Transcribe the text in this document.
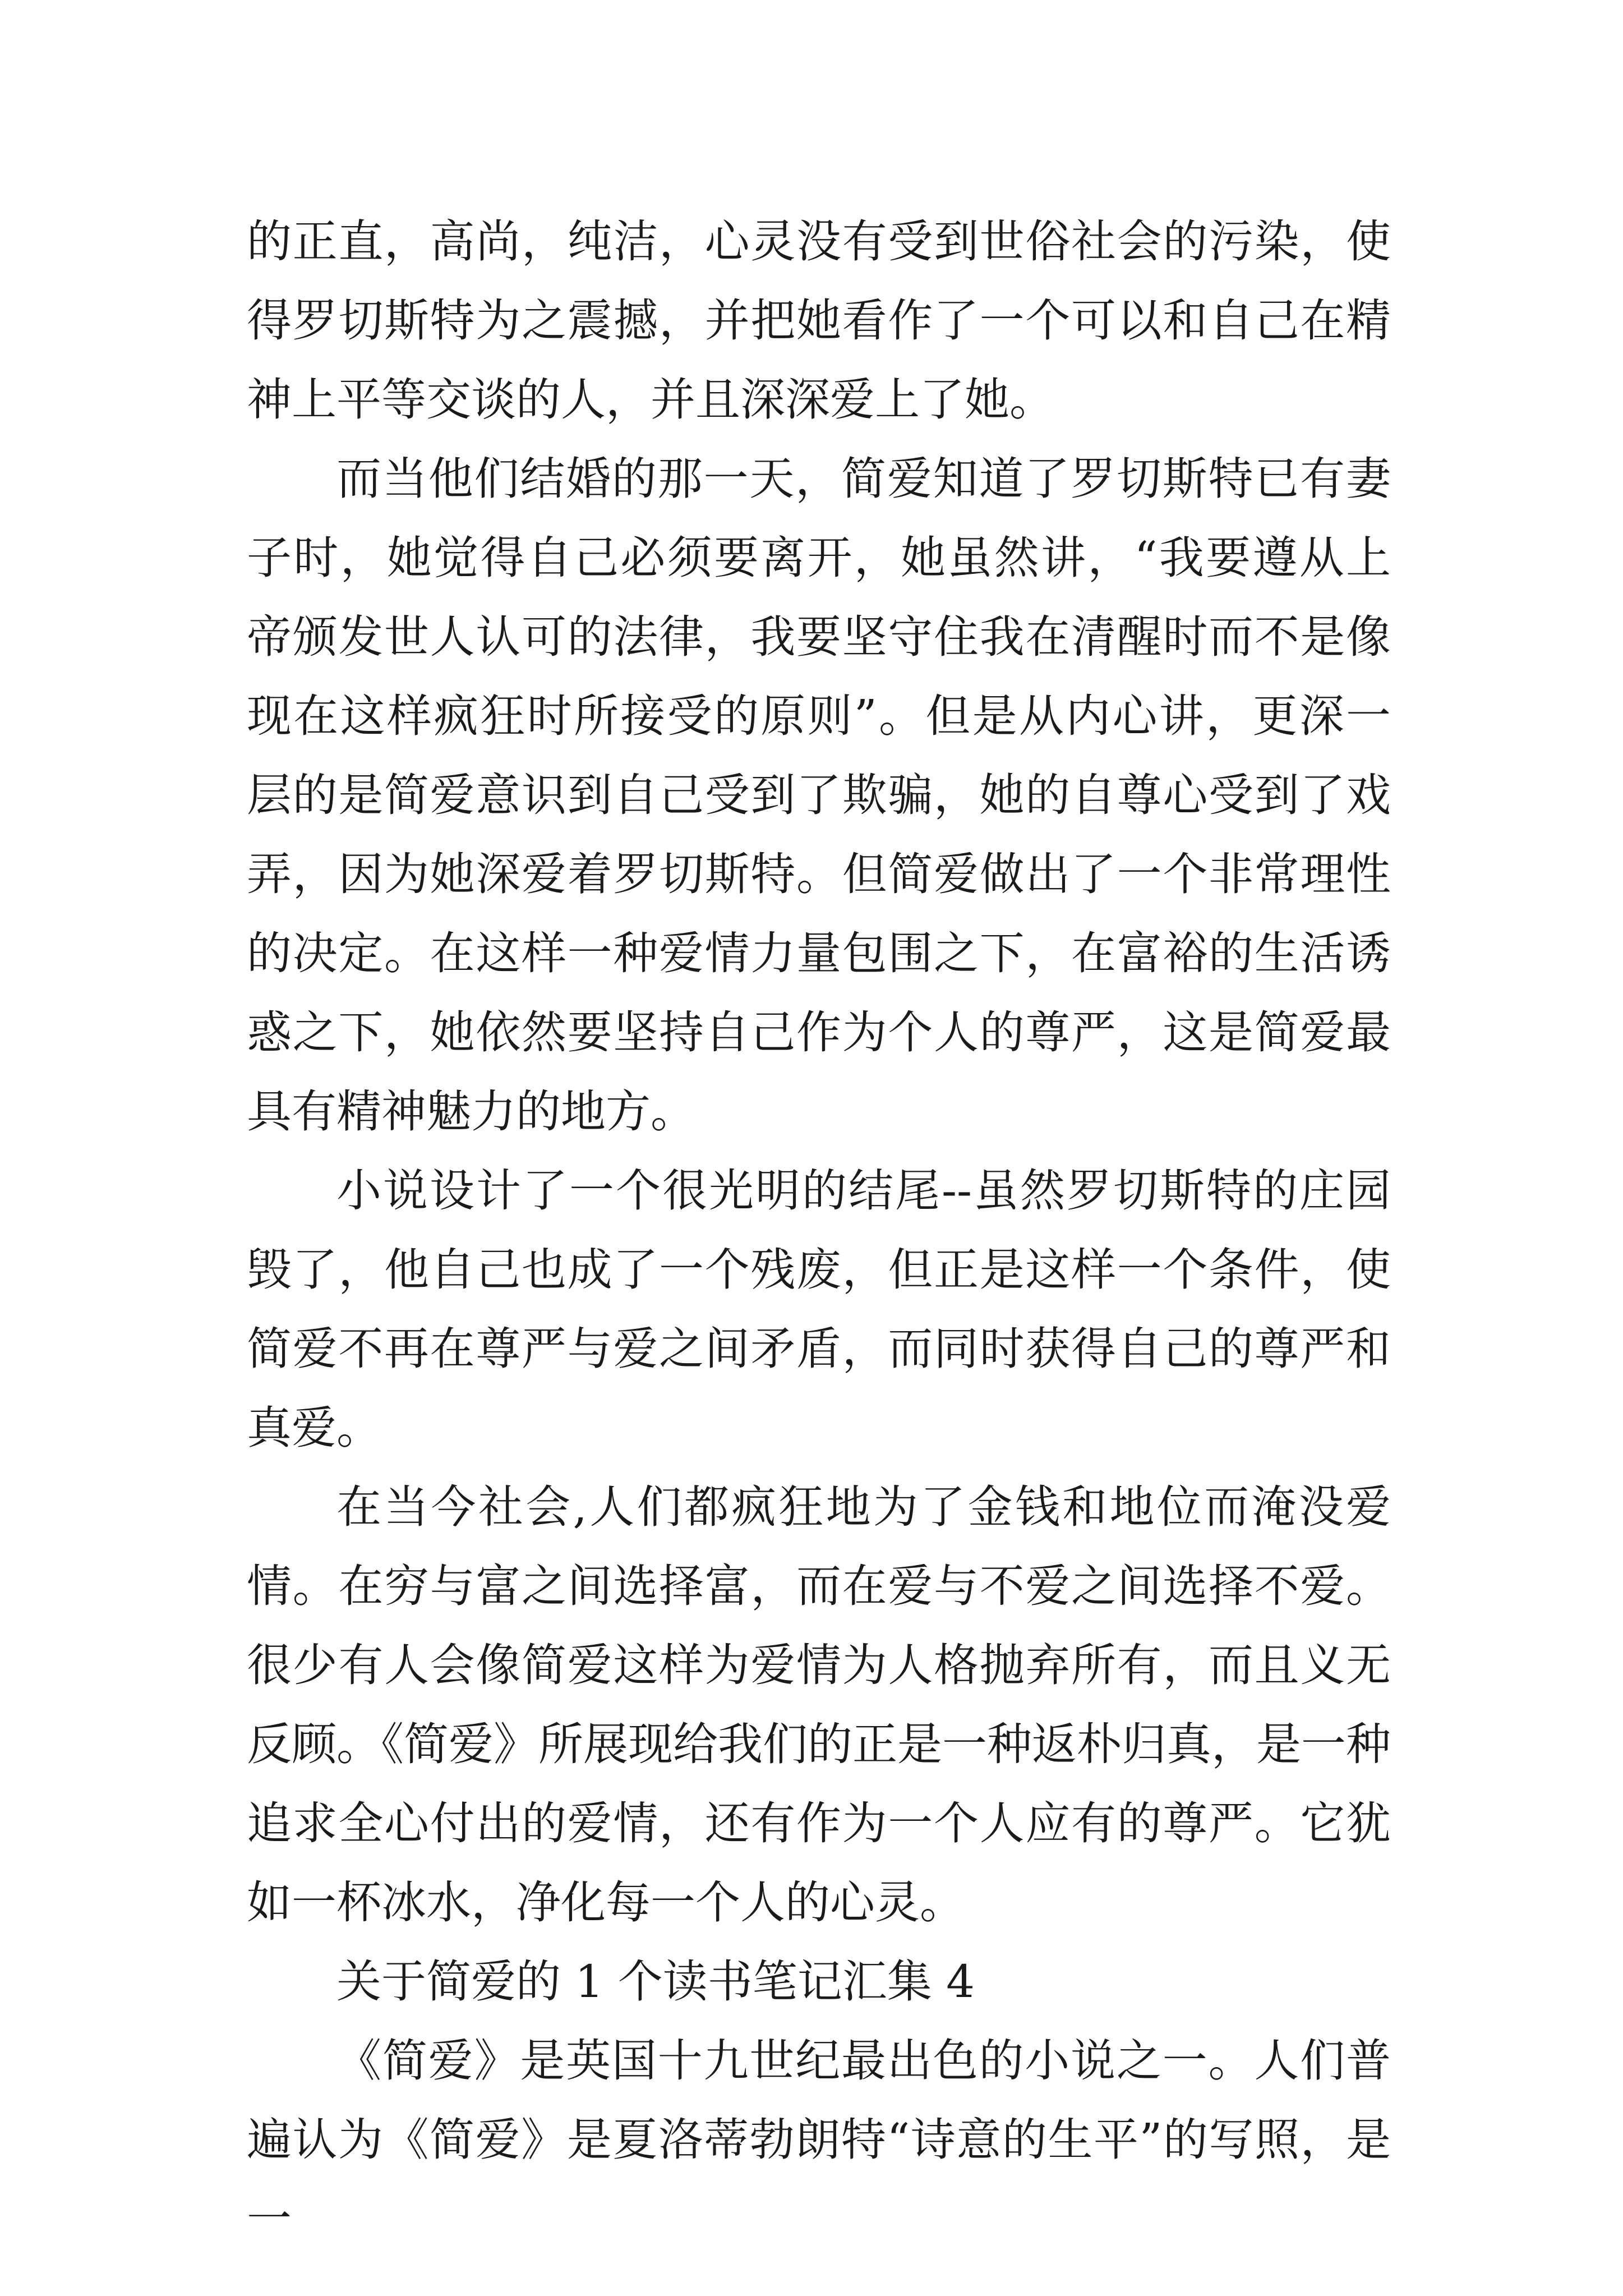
的正直，高尚，纯洁，心灵没有受到世俗社会的污染，使得罗切斯特为之震撼，并把她看作了一个可以和自己在精神上平等交谈的人，并且深深爱上了她。

而当他们结婚的那一天，简爱知道了罗切斯特已有妻子时，她觉得自己必须要离开，她虽然讲，“我要遵从上帝颁发世人认可的法律，我要坚守住我在清醒时而不是像现在这样疯狂时所接受的原则”。但是从内心讲，更深一层的是简爱意识到自己受到了欺骗，她的自尊心受到了戏弄，因为她深爱着罗切斯特。但简爱做出了一个非常理性的决定。在这样一种爱情力量包围之下，在富裕的生活诱惑之下，她依然要坚持自己作为个人的尊严，这是简爱最具有精神魅力的地方。

小说设计了一个很光明的结尾--虽然罗切斯特的庄园毁了，他自己也成了一个残废，但正是这样一个条件，使简爱不再在尊严与爱之间矛盾，而同时获得自己的尊严和真爱。

在当今社会,人们都疯狂地为了金钱和地位而淹没爱情。在穷与富之间选择富，而在爱与不爱之间选择不爱。很少有人会像简爱这样为爱情为人格抛弃所有，而且义无反顾。《简爱》所展现给我们的正是一种返朴归真，是一种追求全心付出的爱情，还有作为一个人应有的尊严。它犹如一杯冰水，净化每一个人的心灵。

关于简爱的 1 个读书笔记汇集 4

《简爱》是英国十九世纪最出色的小说之一。人们普遍认为《简爱》是夏洛蒂勃朗特“诗意的生平”的写照，是一
